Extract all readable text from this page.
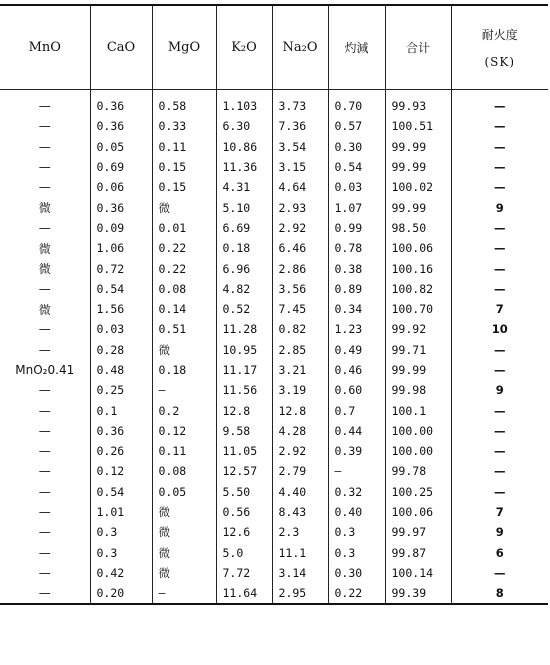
MnO	CaO	MgO	K₂O	Na₂O	灼減	合计	耐火度
(SK)

—	0.36	0.58	1.103	3.73	0.70	99.93	—
—	0.36	0.33	6.30	7.36	0.57	100.51	—
—	0.05	0.11	10.86	3.54	0.30	99.99	—
—	0.69	0.15	11.36	3.15	0.54	99.99	—
—	0.06	0.15	4.31	4.64	0.03	100.02	—
微	0.36	微	5.10	2.93	1.07	99.99	9
—	0.09	0.01	6.69	2.92	0.99	98.50	—
微	1.06	0.22	0.18	6.46	0.78	100.06	—
微	0.72	0.22	6.96	2.86	0.38	100.16	—
—	0.54	0.08	4.82	3.56	0.89	100.82	—
微	1.56	0.14	0.52	7.45	0.34	100.70	7
—	0.03	0.51	11.28	0.82	1.23	99.92	10
—	0.28	微	10.95	2.85	0.49	99.71	—
MnO₂0.41	0.48	0.18	11.17	3.21	0.46	99.99	—
—	0.25	—	11.56	3.19	0.60	99.98	9
—	0.1	0.2	12.8	12.8	0.7	100.1	—
—	0.36	0.12	9.58	4.28	0.44	100.00	—
—	0.26	0.11	11.05	2.92	0.39	100.00	—
—	0.12	0.08	12.57	2.79	—	99.78	—
—	0.54	0.05	5.50	4.40	0.32	100.25	—
—	1.01	微	0.56	8.43	0.40	100.06	7
—	0.3	微	12.6	2.3	0.3	99.97	9
—	0.3	微	5.0	11.1	0.3	99.87	6
—	0.42	微	7.72	3.14	0.30	100.14	—
—	0.20	—	11.64	2.95	0.22	99.39	8
